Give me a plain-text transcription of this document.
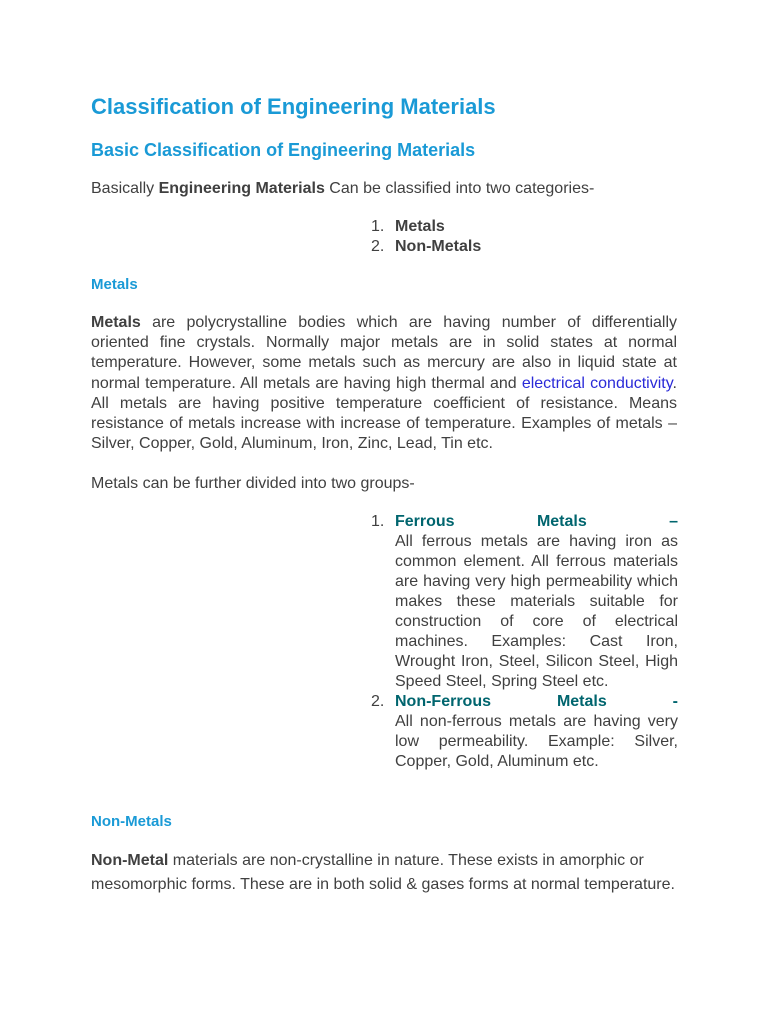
Classification of Engineering Materials
Basic Classification of Engineering Materials

Basically Engineering Materials Can be classified into two categories-

1. Metals
2. Non-Metals
Metals

Metals are polycrystalline bodies which are having number of differentially oriented fine crystals. Normally major metals are in solid states at normal temperature. However, some metals such as mercury are also in liquid state at normal temperature. All metals are having high thermal and electrical conductivity. All metals are having positive temperature coefficient of resistance. Means resistance of metals increase with increase of temperature. Examples of metals – Silver, Copper, Gold, Aluminum, Iron, Zinc, Lead, Tin etc.

Metals can be further divided into two groups-

1. Ferrous	Metals	–
All ferrous metals are having iron as common element. All ferrous materials are having very high permeability which makes these materials suitable for construction of core of electrical machines. Examples: Cast Iron, Wrought Iron, Steel, Silicon Steel, High Speed Steel, Spring Steel etc.
2. Non-Ferrous	Metals	-
All non-ferrous metals are having very low permeability. Example: Silver, Copper, Gold, Aluminum etc.
Non-Metals

Non-Metal materials are non-crystalline in nature. These exists in amorphic or mesomorphic forms. These are in both solid & gases forms at normal temperature.
